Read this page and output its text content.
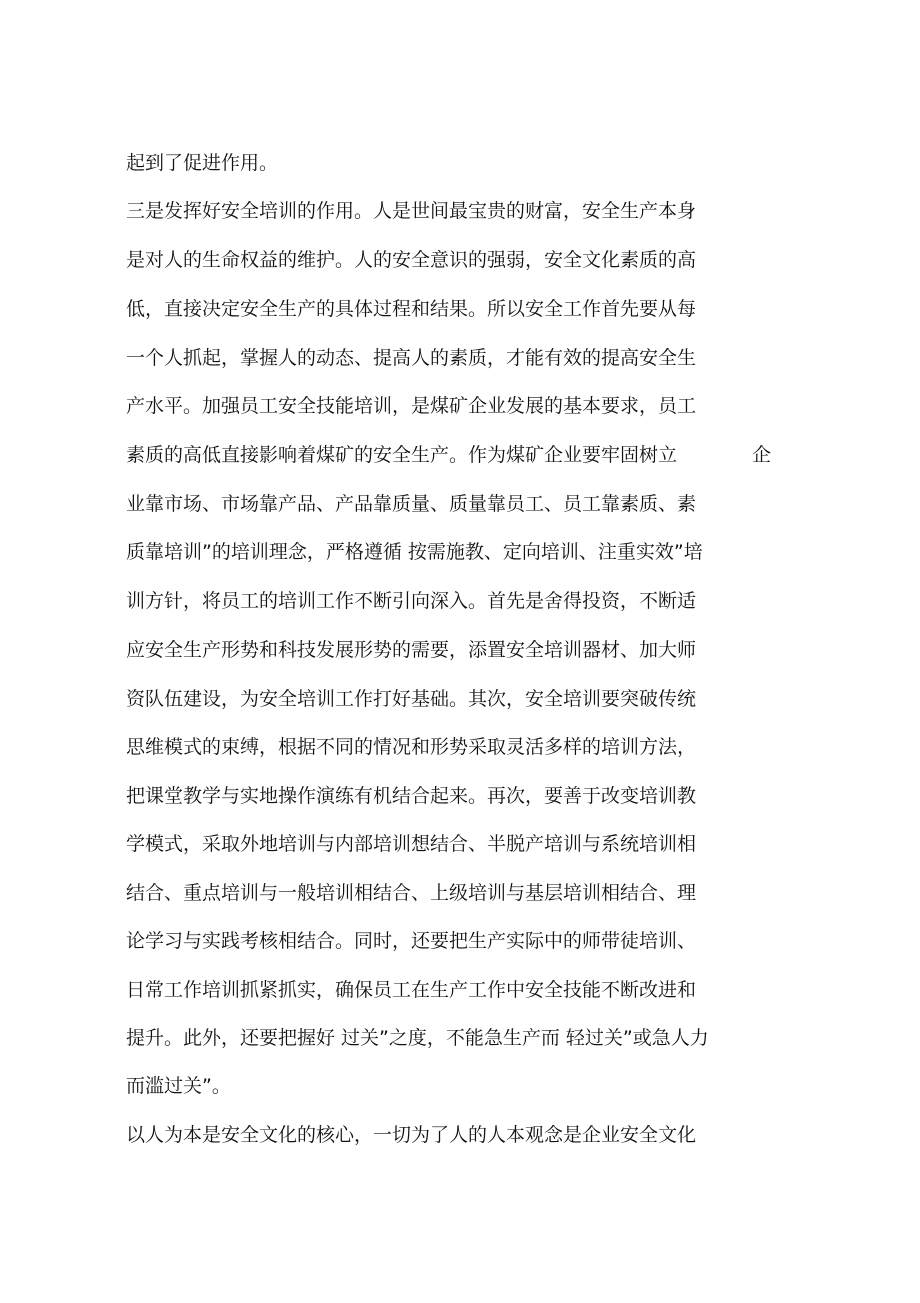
起到了促进作用。
三是发挥好安全培训的作用。人是世间最宝贵的财富，安全生产本身
是对人的生命权益的维护。人的安全意识的强弱，安全文化素质的高
低，直接决定安全生产的具体过程和结果。所以安全工作首先要从每
一个人抓起，掌握人的动态、提高人的素质，才能有效的提高安全生
产水平。加强员工安全技能培训，是煤矿企业发展的基本要求，员工
素质的高低直接影响着煤矿的安全生产。作为煤矿企业要牢固树立	企
业靠市场、市场靠产品、产品靠质量、质量靠员工、员工靠素质、素
质靠培训”的培训理念，严格遵循 按需施教、定向培训、注重实效”培
训方针，将员工的培训工作不断引向深入。首先是舍得投资，不断适
应安全生产形势和科技发展形势的需要，添置安全培训器材、加大师
资队伍建设，为安全培训工作打好基础。其次，安全培训要突破传统
思维模式的束缚，根据不同的情况和形势采取灵活多样的培训方法，
把课堂教学与实地操作演练有机结合起来。再次，要善于改变培训教
学模式，采取外地培训与内部培训想结合、半脱产培训与系统培训相
结合、重点培训与一般培训相结合、上级培训与基层培训相结合、理
论学习与实践考核相结合。同时，还要把生产实际中的师带徒培训、
日常工作培训抓紧抓实，确保员工在生产工作中安全技能不断改进和
提升。此外，还要把握好 过关”之度，不能急生产而 轻过关”或急人力
而滥过关”。
以人为本是安全文化的核心，一切为了人的人本观念是企业安全文化
